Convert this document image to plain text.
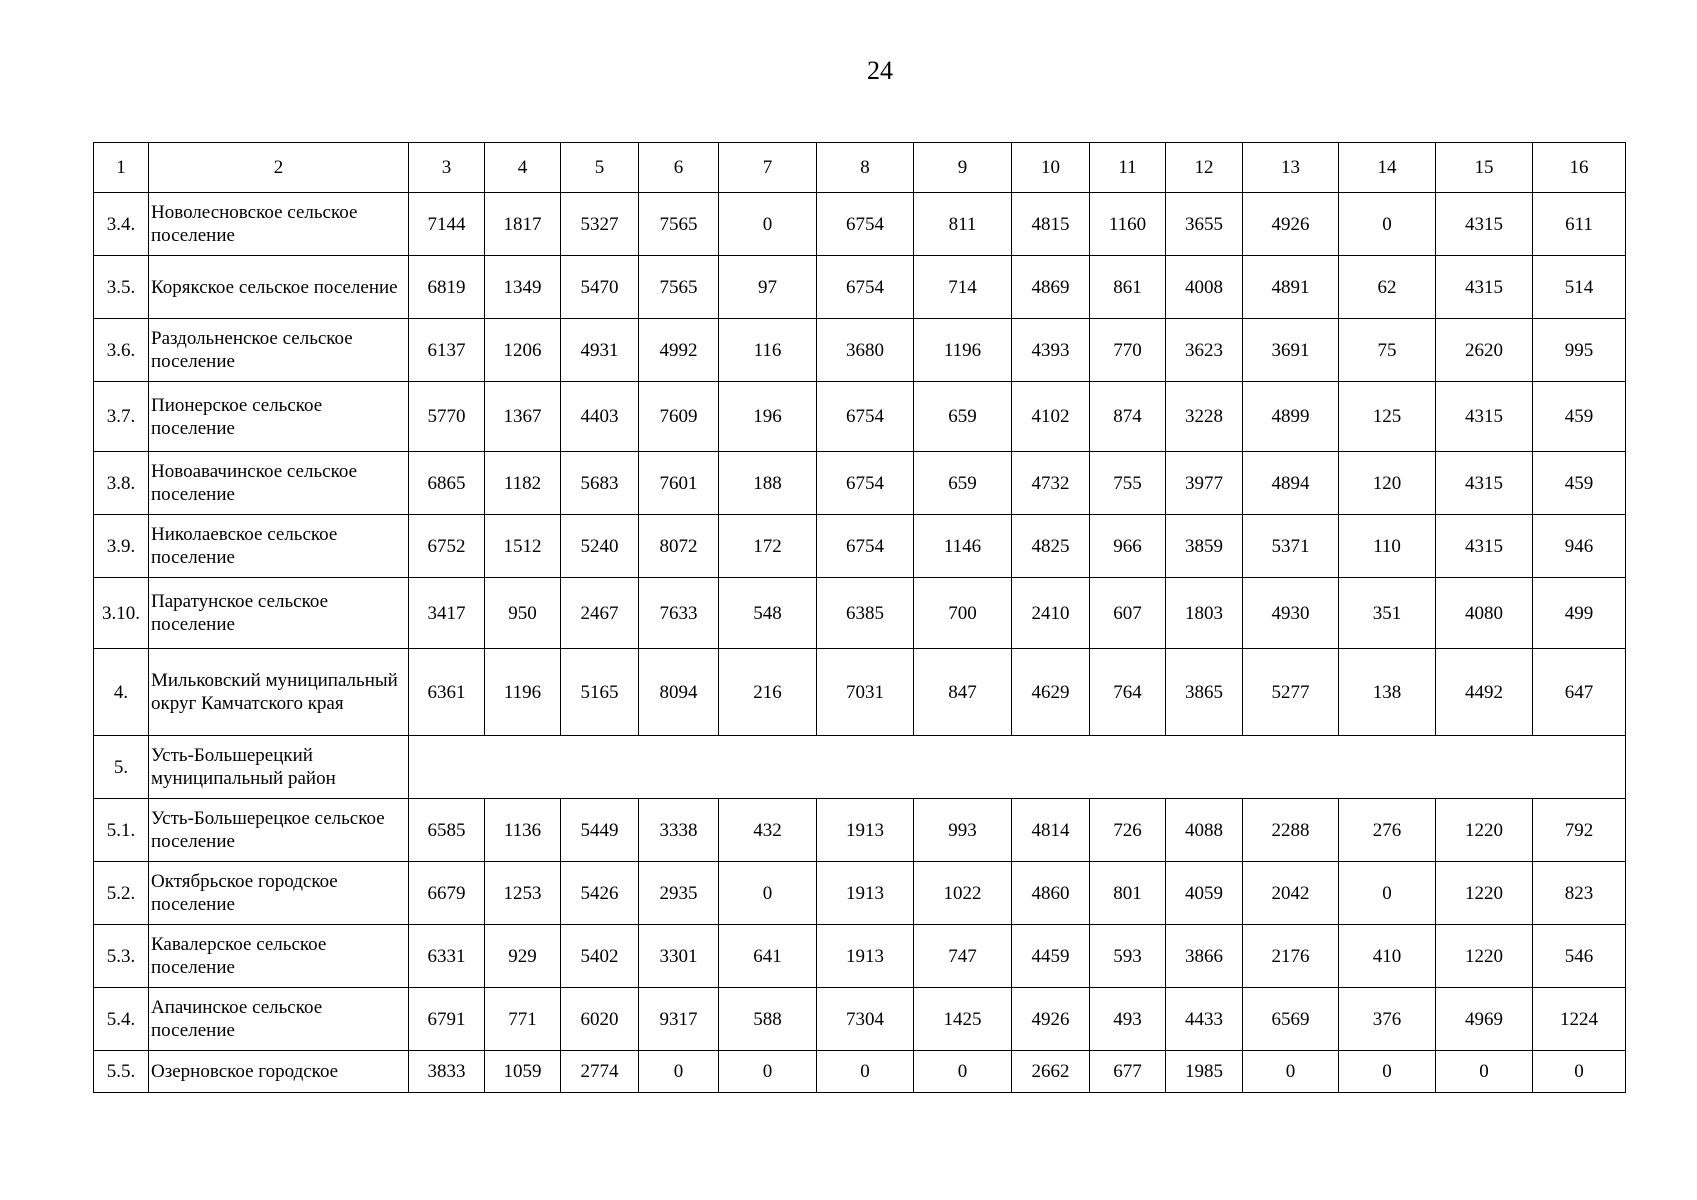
24
1	2	3	4	5	6	7	8	9	10	11	12	13	14	15	16
3.4.	Новолесновское сельское поселение	7144	1817	5327	7565	0	6754	811	4815	1160	3655	4926	0	4315	611
3.5.	Корякское сельское поселение	6819	1349	5470	7565	97	6754	714	4869	861	4008	4891	62	4315	514
3.6.	Раздольненское сельское поселение	6137	1206	4931	4992	116	3680	1196	4393	770	3623	3691	75	2620	995
3.7.	Пионерское сельское поселение	5770	1367	4403	7609	196	6754	659	4102	874	3228	4899	125	4315	459
3.8.	Новоавачинское сельское поселение	6865	1182	5683	7601	188	6754	659	4732	755	3977	4894	120	4315	459
3.9.	Николаевское сельское поселение	6752	1512	5240	8072	172	6754	1146	4825	966	3859	5371	110	4315	946
3.10.	Паратунское сельское поселение	3417	950	2467	7633	548	6385	700	2410	607	1803	4930	351	4080	499
4.	Мильковский муниципальный округ Камчатского края	6361	1196	5165	8094	216	7031	847	4629	764	3865	5277	138	4492	647
5.	Усть-Большерецкий муниципальный район														
5.1.	Усть-Большерецкое сельское поселение	6585	1136	5449	3338	432	1913	993	4814	726	4088	2288	276	1220	792
5.2.	Октябрьское городское поселение	6679	1253	5426	2935	0	1913	1022	4860	801	4059	2042	0	1220	823
5.3.	Кавалерское сельское поселение	6331	929	5402	3301	641	1913	747	4459	593	3866	2176	410	1220	546
5.4.	Апачинское сельское поселение	6791	771	6020	9317	588	7304	1425	4926	493	4433	6569	376	4969	1224
5.5.	Озерновское городское	3833	1059	2774	0	0	0	0	2662	677	1985	0	0	0	0
